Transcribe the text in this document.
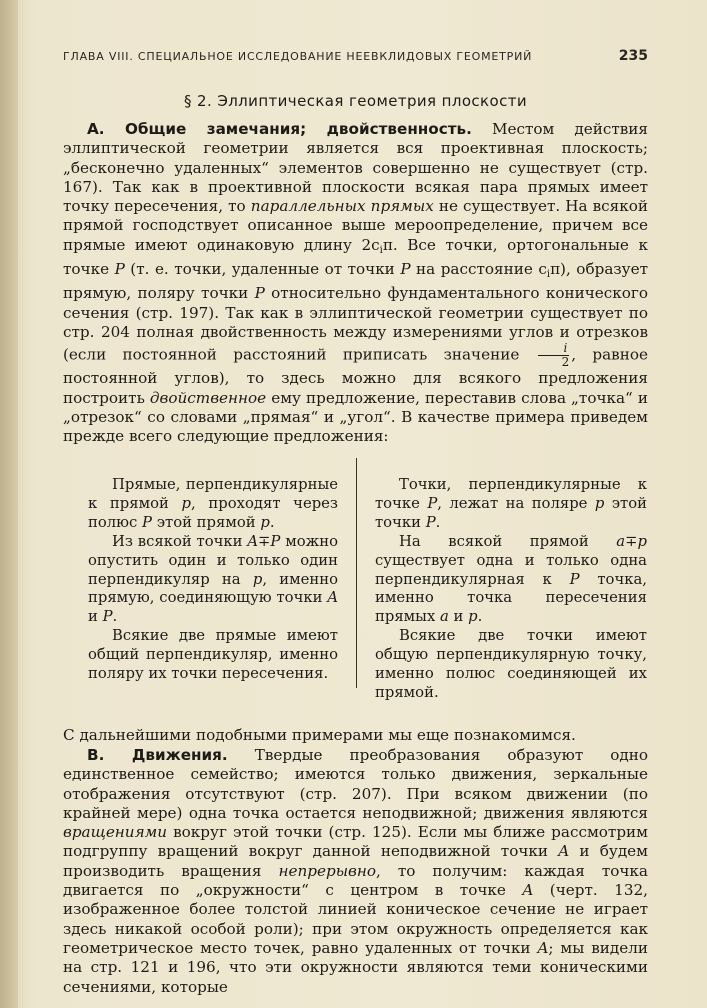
ГЛАВА VIII. СПЕЦИАЛЬНОЕ ИССЛЕДОВАНИЕ НЕЕВКЛИДОВЫХ ГЕОМЕТРИЙ	235
§ 2. Эллиптическая геометрия плоскости

А. Общие замечания; двойственность. Местом действия эллиптической геометрии является вся проективная плоскость; „бесконечно удаленных“ элементов совершенно не существует (стр. 167). Так как в проективной плоскости всякая пара прямых имеет точку пересечения, то параллельных прямых не существует. На всякой прямой господствует описанное выше мероопределение, причем все прямые имеют одинаковую длину $2c_i\pi$. Все точки, ортогональные к точке P (т. е. точки, удаленные от точки P на расстояние $c_i\pi$), образует прямую, поляру точки P относительно фундаментального конического сечения (стр. 197). Так как в эллиптической геометрии существует по стр. 204 полная двойственность между измерениями углов и отрезков (если постоянной расстояний приписать значение $\frac{i}{2}$ , равное постоянной углов), то здесь можно для всякого предложения построить двойственное ему предложение, переставив слова „точка“ и „отрезок“ со словами „прямая“ и „угол“. В качестве примера приведем прежде всего следующие предложения:

Прямые, перпендикулярные к прямой p, проходят через полюс P этой прямой p.

Из всякой точки A∓P можно опустить один и только один перпендикуляр на p, именно прямую, соединяющую точки A и P.

Всякие две прямые имеют общий перпендикуляр, именно поляру их точки пересечения.

Точки, перпендикулярные к точке P, лежат на поляре p этой точки P.

На всякой прямой a∓p существует одна и только одна перпендикулярная к P точка, именно точка пересечения прямых a и p.

Всякие две точки имеют общую перпендикулярную точку, именно полюс соединяющей их прямой.

С дальнейшими подобными примерами мы еще познакомимся.

В. Движения. Твердые преобразования образуют одно единственное семейство; имеются только движения, зеркальные отображения отсутствуют (стр. 207). При всяком движении (по крайней мере) одна точка остается неподвижной; движения являются вращениями вокруг этой точки (стр. 125). Если мы ближе рассмотрим подгруппу вращений вокруг данной неподвижной точки A и будем производить вращения непрерывно, то получим: каждая точка двигается по „окружности“ с центром в точке A (черт. 132, изображенное более толстой линией коническое сечение не играет здесь никакой особой роли); при этом окружность определяется как геометрическое место точек, равно удаленных от точки A; мы видели на стр. 121 и 196, что эти окружности являются теми коническими сечениями, которые
